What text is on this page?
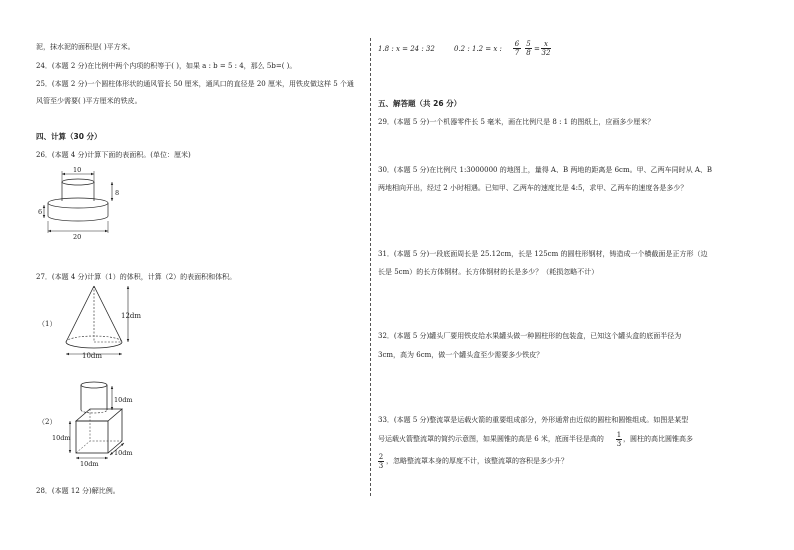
泥，抹水泥的面积是( )平方米。
24．(本题 2 分)在比例中两个内项的积等于( )，如果 a : b = 5 : 4，那么 5b=( )。
25．(本题 2 分)一个圆柱体形状的通风管长 50 厘米，通风口的直径是 20 厘米，用铁皮做这样 5 个通
风管至少需要( )平方厘米的铁皮。
四、计算（30 分）
26．(本题 4 分)计算下面的表面积。(单位：厘米)
10
8
6
20
27．(本题 4 分)计算（1）的体积，计算（2）的表面积和体积。
（1）
12dm
10dm
（2）
10dm
10dm
10dm
10dm
28．(本题 12 分)解比例。
1.8 : x = 24 : 32	0.2 : 1.2 = x : $\frac{6}{7} \frac{5}{8} = \frac{x}{32}$
五、解答题（共 26 分）
29．(本题 5 分)一个机器零件长 5 毫米，画在比例尺是 8 : 1 的图纸上，应画多少厘米？
30．(本题 5 分)在比例尺 1:3000000 的地图上，量得 A、B 两地的距离是 6cm。甲、乙两车同时从 A、B
两地相向开出，经过 2 小时相遇。已知甲、乙两车的速度比是 4:5，求甲、乙两车的速度各是多少？
31．(本题 5 分)一段底面周长是 25.12cm，长是 125cm 的圆柱形钢材，铸造成一个横截面是正方形（边
长是 5cm）的长方体钢材。长方体钢材的长是多少？（耗损忽略不计）
32．(本题 5 分)罐头厂要用铁皮给水果罐头做一种圆柱形的包装盒，已知这个罐头盒的底面半径为
3cm，高为 6cm，做一个罐头盒至少需要多少铁皮？
33．(本题 5 分)整流罩是运载火箭的重要组成部分，外形通常由近似的圆柱和圆锥组成。如图是某型
号运载火箭整流罩的简约示意图，如果圆锥的高是 6 米，底面半径是高的 $\frac{1}{3}$ ，圆柱的高比圆锥高多
$\frac{2}{3}$ ，忽略整流罩本身的厚度不计，该整流罩的容积是多少升？
